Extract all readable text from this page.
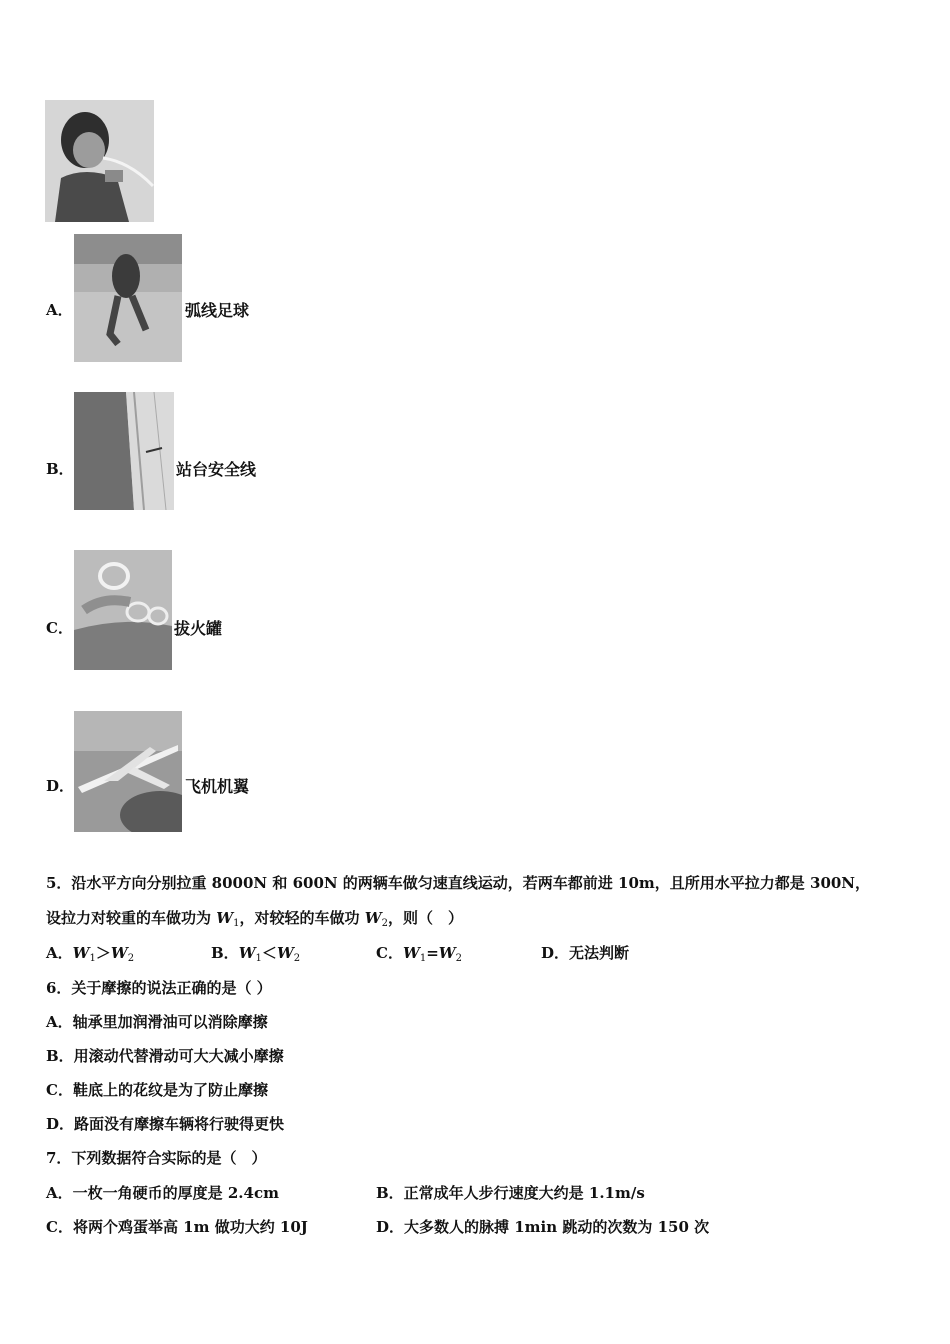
A．	弧线足球
B．	站台安全线
C．	拔火罐
D．	飞机机翼
5．沿水平方向分别拉重 8000N 和 600N 的两辆车做匀速直线运动，若两车都前进 10m，且所用水平拉力都是 300N，
设拉力对较重的车做功为 $W_1$，对较轻的车做功 $W_2$，则（　）
A．$W_1>W_2$	B．$W_1<W_2$	C．$W_1=W_2$	D．无法判断
6．关于摩擦的说法正确的是（ ）
A．轴承里加润滑油可以消除摩擦
B．用滚动代替滑动可大大减小摩擦
C．鞋底上的花纹是为了防止摩擦
D．路面没有摩擦车辆将行驶得更快
7．下列数据符合实际的是（　）
A．一枚一角硬币的厚度是 2.4cm	B．正常成年人步行速度大约是 1.1m/s
C．将两个鸡蛋举高 1m 做功大约 10J	D．大多数人的脉搏 1min 跳动的次数为 150 次
